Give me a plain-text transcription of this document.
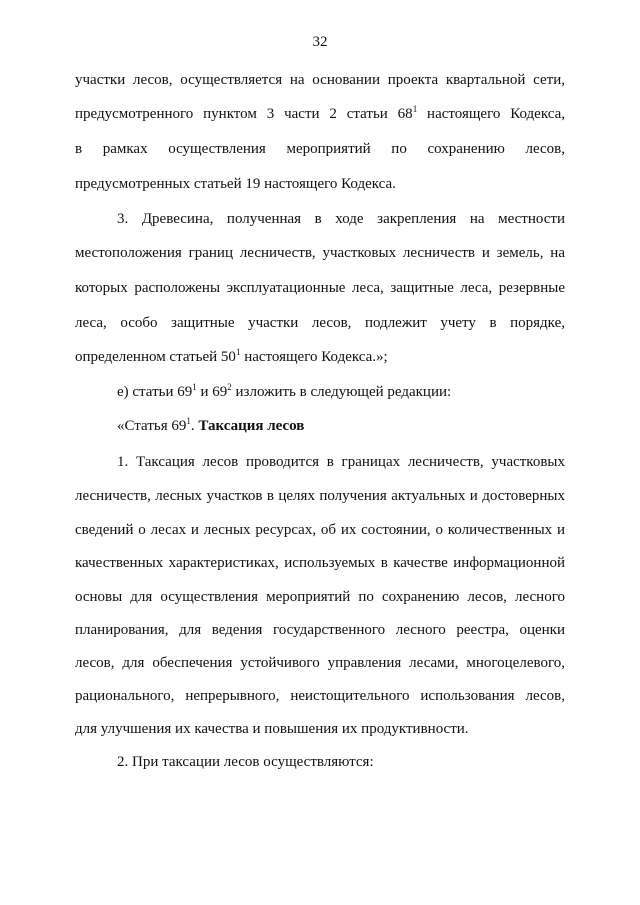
32
участки лесов, осуществляется на основании проекта квартальной сети,
предусмотренного пунктом 3 части 2 статьи $68^1$ настоящего Кодекса,
в рамках осуществления мероприятий по сохранению лесов,
предусмотренных статьей 19 настоящего Кодекса.
3. Древесина, полученная в ходе закрепления на местности
местоположения границ лесничеств, участковых лесничеств и земель, на
которых расположены эксплуатационные леса, защитные леса, резервные
леса, особо защитные участки лесов, подлежит учету в порядке,
определенном статьей $50^1$ настоящего Кодекса.»;
е) статьи $69^1$ и $69^2$ изложить в следующей редакции:
«Статья $69^1$. Таксация лесов
1. Таксация лесов проводится в границах лесничеств, участковых
лесничеств, лесных участков в целях получения актуальных и достоверных
сведений о лесах и лесных ресурсах, об их состоянии, о количественных и
качественных характеристиках, используемых в качестве информационной
основы для осуществления мероприятий по сохранению лесов, лесного
планирования, для ведения государственного лесного реестра, оценки
лесов, для обеспечения устойчивого управления лесами, многоцелевого,
рационального, непрерывного, неистощительного использования лесов,
для улучшения их качества и повышения их продуктивности.
2. При таксации лесов осуществляются:
